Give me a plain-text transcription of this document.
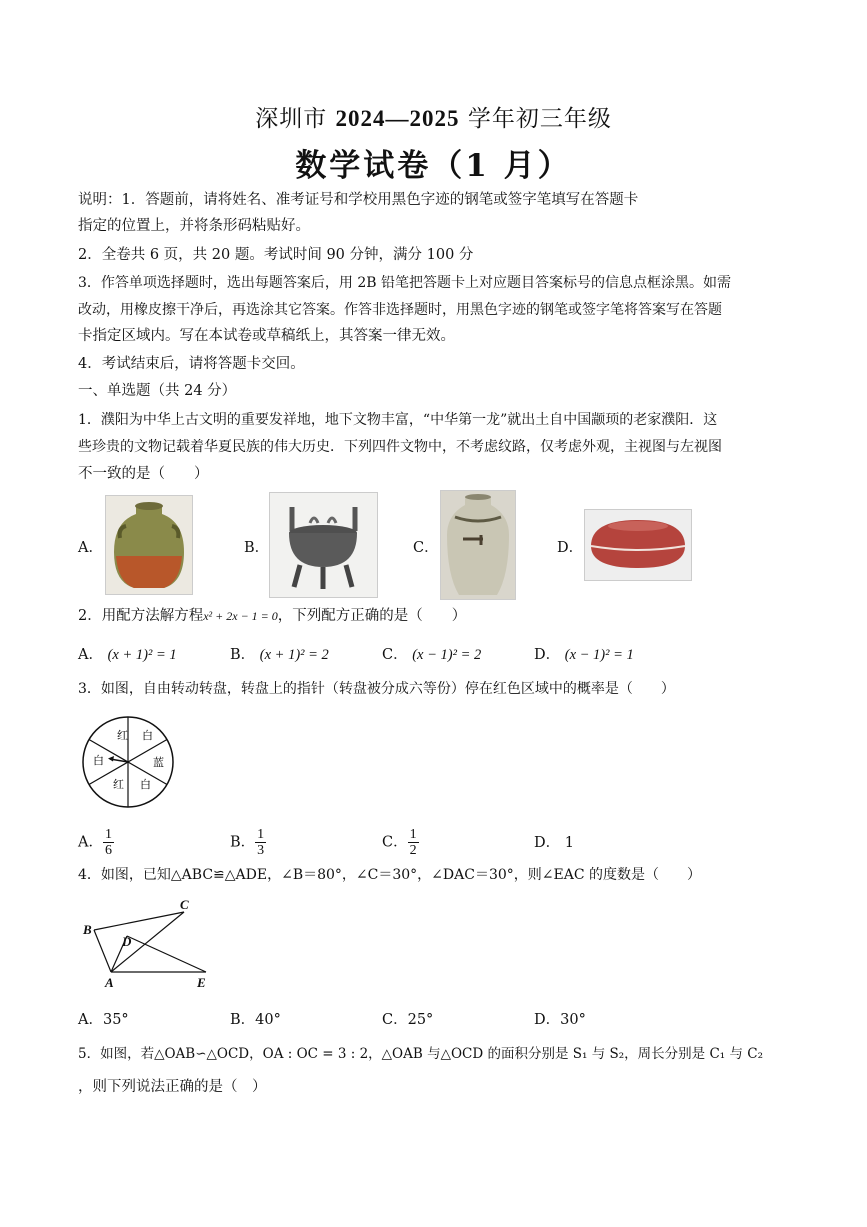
深圳市 2024—2025 学年初三年级
数学试卷（1 月）
说明：1．答题前，请将姓名、准考证号和学校用黑色字迹的钢笔或签字笔填写在答题卡
指定的位置上，并将条形码粘贴好。
2．全卷共 6 页，共 20 题。考试时间 90 分钟，满分 100 分
3．作答单项选择题时，选出每题答案后，用 2B 铅笔把答题卡上对应题目答案标号的信息点框涂黑。如需
改动，用橡皮擦干净后，再选涂其它答案。作答非选择题时，用黑色字迹的钢笔或签字笔将答案写在答题
卡指定区域内。写在本试卷或草稿纸上，其答案一律无效。
4．考试结束后，请将答题卡交回。
一、单选题（共 24 分）
1．濮阳为中华上古文明的重要发祥地，地下文物丰富，“中华第一龙”就出土自中国颛顼的老家濮阳．这
些珍贵的文物记载着华夏民族的伟大历史．下列四件文物中，不考虑纹路，仅考虑外观，主视图与左视图
不一致的是（　　）
A．	B．	C．	D．
2．用配方法解方程x² + 2x − 1 = 0，下列配方正确的是（　　）
A． (x + 1)² = 1	B． (x + 1)² = 2	C． (x − 1)² = 2	D． (x − 1)² = 1
3．如图，自由转动转盘，转盘上的指针（转盘被分成六等份）停在红色区域中的概率是（　　）
红 白
蓝
白
红
白
A． $\frac{1}{6}$	B． $\frac{1}{3}$	C． $\frac{1}{2}$	D． 1
4．如图，已知△ABC≌△ADE，∠B＝80°，∠C＝30°，∠DAC＝30°，则∠EAC 的度数是（　　）
B
C
D
A	E
A．35°	B．40°	C．25°	D．30°
5．如图，若△OAB∽△OCD，OA : OC = 3 : 2，△OAB 与△OCD 的面积分别是 S₁ 与 S₂，周长分别是 C₁ 与 C₂
，则下列说法正确的是（　）
